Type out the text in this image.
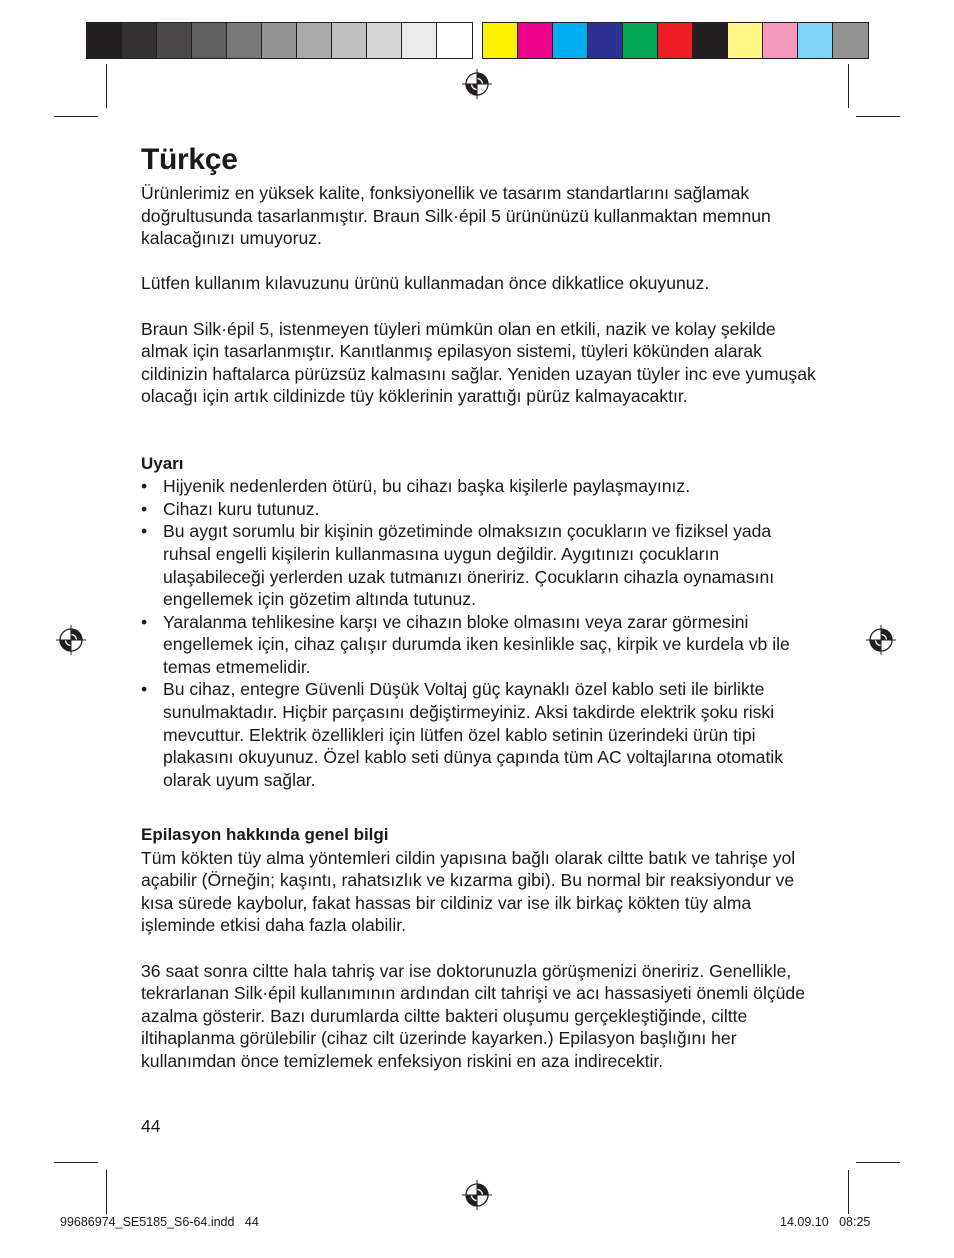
Türkçe

Ürünlerimiz en yüksek kalite, fonksiyonellik ve tasarım standartlarını sağlamak doğrultusunda tasarlanmıştır. Braun Silk·épil 5 ürününüzü kullanmaktan memnun kalacağınızı umuyoruz.

Lütfen kullanım kılavuzunu ürünü kullanmadan önce dikkatlice okuyunuz.

Braun Silk·épil 5, istenmeyen tüyleri mümkün olan en etkili, nazik ve kolay şekilde almak için tasarlanmıştır. Kanıtlanmış epilasyon sistemi, tüyleri kökünden alarak cildinizin haftalarca pürüzsüz kalmasını sağlar. Yeniden uzayan tüyler inc eve yumuşak olacağı için artık cildinizde tüy köklerinin yarattığı pürüz kalmayacaktır.

Uyarı

• Hijyenik nedenlerden ötürü, bu cihazı başka kişilerle paylaşmayınız.
• Cihazı kuru tutunuz.
• Bu aygıt sorumlu bir kişinin gözetiminde olmaksızın çocukların ve fiziksel yada ruhsal engelli kişilerin kullanmasına uygun değildir. Aygıtınızı çocukların ulaşabileceği yerlerden uzak tutmanızı öneririz. Çocukların cihazla oynamasını engellemek için gözetim altında tutunuz.
• Yaralanma tehlikesine karşı ve cihazın bloke olmasını veya zarar görmesini engellemek için, cihaz çalışır durumda iken kesinlikle saç, kirpik ve kurdela vb ile temas etmemelidir.
• Bu cihaz, entegre Güvenli Düşük Voltaj güç kaynaklı özel kablo seti ile birlikte sunulmaktadır. Hiçbir parçasını değiştirmeyiniz. Aksi takdirde elektrik şoku riski mevcuttur. Elektrik özellikleri için lütfen özel kablo setinin üzerindeki ürün tipi plakasını okuyunuz. Özel kablo seti dünya çapında tüm AC voltajlarına otomatik olarak uyum sağlar.

Epilasyon hakkında genel bilgi

Tüm kökten tüy alma yöntemleri cildin yapısına bağlı olarak ciltte batık ve tahrişe yol açabilir (Örneğin; kaşıntı, rahatsızlık ve kızarma gibi). Bu normal bir reaksiyondur ve kısa sürede kaybolur, fakat hassas bir cildiniz var ise ilk birkaç kökten tüy alma işleminde etkisi daha fazla olabilir.

36 saat sonra ciltte hala tahriş var ise doktorunuzla görüşmenizi öneririz. Genellikle, tekrarlanan Silk·épil kullanımının ardından cilt tahrişi ve acı hassasiyeti önemli ölçüde azalma gösterir. Bazı durumlarda ciltte bakteri oluşumu gerçekleştiğinde, ciltte iltihaplanma görülebilir (cihaz cilt üzerinde kayarken.) Epilasyon başlığını her kullanımdan önce temizlemek enfeksiyon riskini en aza indirecektir.

44
99686974_SE5185_S6-64.indd   44	14.09.10   08:25
